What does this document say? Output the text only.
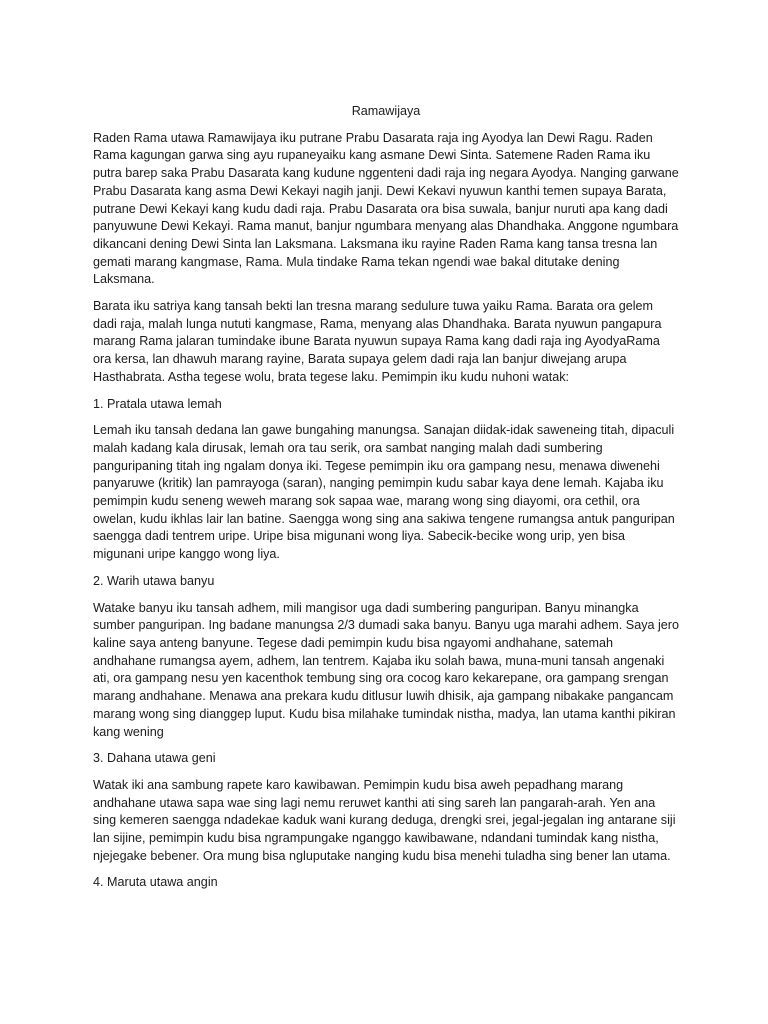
Ramawijaya
Raden Rama utawa Ramawijaya iku putrane Prabu Dasarata raja ing Ayodya lan Dewi Ragu. Raden Rama kagungan garwa sing ayu rupaneyaiku kang asmane Dewi Sinta. Satemene Raden Rama iku putra barep saka Prabu Dasarata kang kudune nggenteni dadi raja ing negara Ayodya. Nanging garwane Prabu Dasarata kang asma Dewi Kekayi nagih janji. Dewi Kekavi nyuwun kanthi temen supaya Barata, putrane Dewi Kekayi kang kudu dadi raja. Prabu Dasarata ora bisa suwala, banjur nuruti apa kang dadi panyuwune Dewi Kekayi. Rama manut, banjur ngumbara menyang alas Dhandhaka. Anggone ngumbara dikancani dening Dewi Sinta lan Laksmana. Laksmana iku rayine Raden Rama kang tansa tresna lan gemati marang kangmase, Rama. Mula tindake Rama tekan ngendi wae bakal ditutake dening Laksmana.
Barata iku satriya kang tansah bekti lan tresna marang sedulure tuwa yaiku Rama. Barata ora gelem dadi raja, malah lunga nututi kangmase, Rama, menyang alas Dhandhaka. Barata nyuwun pangapura marang Rama jalaran tumindake ibune Barata nyuwun supaya Rama kang dadi raja ing AyodyaRama ora kersa, lan dhawuh marang rayine, Barata supaya gelem dadi raja lan banjur diwejang arupa Hasthabrata. Astha tegese wolu, brata tegese laku. Pemimpin iku kudu nuhoni watak:
1. Pratala utawa lemah
Lemah iku tansah dedana lan gawe bungahing manungsa. Sanajan diidak-idak saweneing titah, dipaculi malah kadang kala dirusak, lemah ora tau serik, ora sambat nanging malah dadi sumbering panguripaning titah ing ngalam donya iki. Tegese pemimpin iku ora gampang nesu, menawa diwenehi panyaruwe (kritik) lan pamrayoga (saran), nanging pemimpin kudu sabar kaya dene lemah. Kajaba iku pemimpin kudu seneng weweh marang sok sapaa wae, marang wong sing diayomi, ora cethil, ora owelan, kudu ikhlas lair lan batine. Saengga wong sing ana sakiwa tengene rumangsa antuk panguripan saengga dadi tentrem uripe. Uripe bisa migunani wong liya. Sabecik-becike wong urip, yen bisa migunani uripe kanggo wong liya.
2. Warih utawa banyu
Watake banyu iku tansah adhem, mili mangisor uga dadi sumbering panguripan. Banyu minangka sumber panguripan. Ing badane manungsa 2/3 dumadi saka banyu. Banyu uga marahi adhem. Saya jero kaline saya anteng banyune. Tegese dadi pemimpin kudu bisa ngayomi andhahane, satemah andhahane rumangsa ayem, adhem, lan tentrem. Kajaba iku solah bawa, muna-muni tansah angenaki ati, ora gampang nesu yen kacenthok tembung sing ora cocog karo kekarepane, ora gampang srengan marang andhahane. Menawa ana prekara kudu ditlusur luwih dhisik, aja gampang nibakake pangancam marang wong sing dianggep luput. Kudu bisa milahake tumindak nistha, madya, lan utama kanthi pikiran kang wening
3. Dahana utawa geni
Watak iki ana sambung rapete karo kawibawan. Pemimpin kudu bisa aweh pepadhang marang andhahane utawa sapa wae sing lagi nemu reruwet kanthi ati sing sareh lan pangarah-arah. Yen ana sing kemeren saengga ndadekae kaduk wani kurang deduga, drengki srei, jegal-jegalan ing antarane siji lan sijine, pemimpin kudu bisa ngrampungake nganggo kawibawane, ndandani tumindak kang nistha, njejegake bebener. Ora mung bisa ngluputake nanging kudu bisa menehi tuladha sing bener lan utama.
4. Maruta utawa angin
